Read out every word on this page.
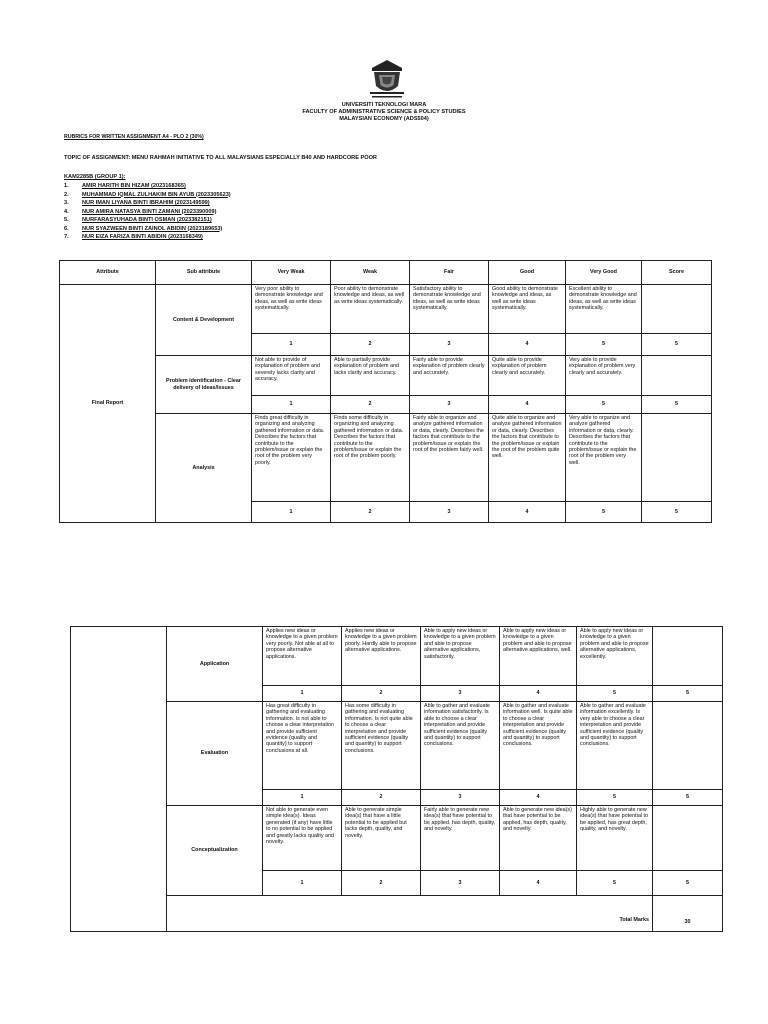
UNIVERSITI TEKNOLOGI MARA
FACULTY OF ADMINISTRATIVE SCIENCE & POLICY STUDIES
MALAYSIAN ECONOMY (ADS504)
RUBRICS FOR WRITTEN ASSIGNMENT A4 - PLO 2 (30%)
TOPIC OF ASSIGNMENT: MENU RAHMAH INITIATIVE TO ALL MALAYSIANS ESPECIALLY B40 AND HARDCORE POOR
KAM2285B (GROUP 1):
1. AMIR HARITH BIN HIZAM (2023168365)
2. MUHAMMAD IQMAL ZULHAKIM BIN AYUB (2023305623)
3. NUR IMAN LIYANA BINTI IBRAHIM (2023149599)
4. NUR AMIRA NATASYA BINTI ZAMANI (2023390009)
5. NURFARASYUHADA BINTI OSMAN (2023382151)
6. NUR SYAZWEEN BINTI ZAINOL ABIDIN (2023189653)
7. NUR EIZA FARIZA BINTI ABIDIN (2023168349)
Attribute	Sub attribute	Very Weak	Weak	Fair	Good	Very Good	Score
Final Report	Content & Development	Very poor ability to demonstrate knowledge and ideas, as well as write ideas systematically.	Poor ability to demonstrate knowledge and ideas, as well as write ideas systematically.	Satisfactory ability to demonstrate knowledge and ideas, as well as write ideas systematically.	Good ability to demonstrate knowledge and ideas, as well as write ideas systematically.	Excellent ability to demonstrate knowledge and ideas, as well as write ideas systematically.	
		1	2	3	4	5	5
	Problem identification - Clear delivery of ideas/Issues	Not able to provide of explanation of problem and severely lacks clarity and accuracy.	Able to partially provide explanation of problem and lacks clarity and accuracy.	Fairly able to provide explanation of problem clearly and accurately.	Quite able to provide explanation of problem clearly and accurately.	Very able to provide explanation of problem very clearly and accurately.	
		1	2	3	4	5	5
	Analysis	Finds great difficulty in organizing and analyzing gathered information or data. Describes the factors that contribute to the problem/issue or explain the root of the problem very poorly.	Finds some difficulty in organizing and analyzing gathered information or data. Describes the factors that contribute to the problem/issue or explain the root of the problem poorly.	Fairly able to organize and analyze gathered information or data, clearly. Describes the factors that contribute to the problem/issue or explain the root of the problem fairly well.	Quite able to organize and analyze gathered information or data, clearly. Describes the factors that contribute to the problem/issue or explain the root of the problem quite well.	Very able to organize and analyze gathered information or data, clearly. Describes the factors that contribute to the problem/issue or explain the root of the problem very well.	
		1	2	3	4	5	5
	Application	Applies new ideas or knowledge to a given problem very poorly. Not able at all to propose alternative applications.	Applies new ideas or knowledge to a given problem poorly. Hardly able to propose alternative applications.	Able to apply new ideas or knowledge to a given problem and able to propose alternative applications, satisfactorily.	Able to apply new ideas or knowledge to a given problem and able to propose alternative applications, well.	Able to apply new ideas or knowledge to a given problem and able to propose alternative applications, excellently.	
		1	2	3	4	5	5
	Evaluation	Has great difficulty in gathering and evaluating information. Is not able to choose a clear interpretation and provide sufficient evidence (quality and quantity) to support conclusions at all.	Has some difficulty in gathering and evaluating information. Is not quite able to choose a clear interpretation and provide sufficient evidence (quality and quantity) to support conclusions.	Able to gather and evaluate information satisfactorily. Is able to choose a clear interpretation and provide sufficient evidence (quality and quantity) to support conclusions.	Able to gather and evaluate information well. Is quite able to choose a clear interpretation and provide sufficient evidence (quality and quantity) to support conclusions.	Able to gather and evaluate information excellently. Is very able to choose a clear interpretation and provide sufficient evidence (quality and quantity) to support conclusions.	
		1	2	3	4	5	5
	Conceptualization	Not able to generate even simple idea(s). Ideas generated (if any) have little to no potential to be applied and greatly lacks quality and novelty.	Able to generate simple idea(s) that have a little potential to be applied but lacks depth, quality, and novelty.	Fairly able to generate new idea(s) that have potential to be applied, has depth, quality, and novelty.	Able to generate new idea(s) that have potential to be applied, has depth, quality, and novelty.	Highly able to generate new idea(s) that have potential to be applied, has great depth, quality, and novelty.	
		1	2	3	4	5	5
						Total Marks	30
